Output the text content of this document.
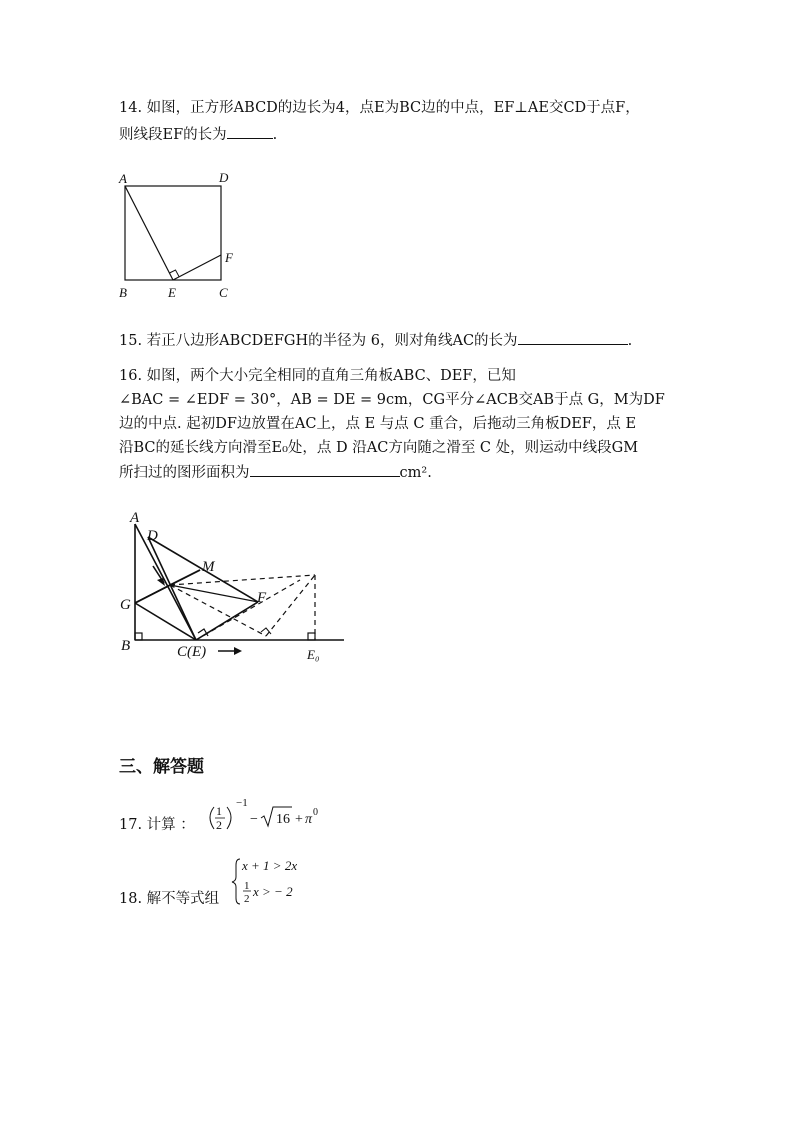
14. 如图，正方形ABCD的边长为4，点E为BC边的中点，EF⊥AE交CD于点F，
则线段EF的长为	.
A	D
B	E	C
F
15. 若正八边形ABCDEFGH的半径为 6，则对角线AC的长为	.
16. 如图，两个大小完全相同的直角三角板ABC、DEF，已知
∠BAC = ∠EDF = 30°，AB = DE = 9cm，CG平分∠ACB交AB于点 G，M为DF
边的中点. 起初DF边放置在AC上，点 E 与点 C 重合，后拖动三角板DEF，点 E
沿BC的延长线方向滑至E₀处，点 D 沿AC方向随之滑至 C 处，则运动中线段GM
所扫过的图形面积为	cm².
A
D
M
G	F
B	C(E)	E₀
三、解答题
17. 计算 ：
1
2
−1
− 16 + π 0
18. 解不等式组
x + 1 > 2x
1
2 x > − 2
